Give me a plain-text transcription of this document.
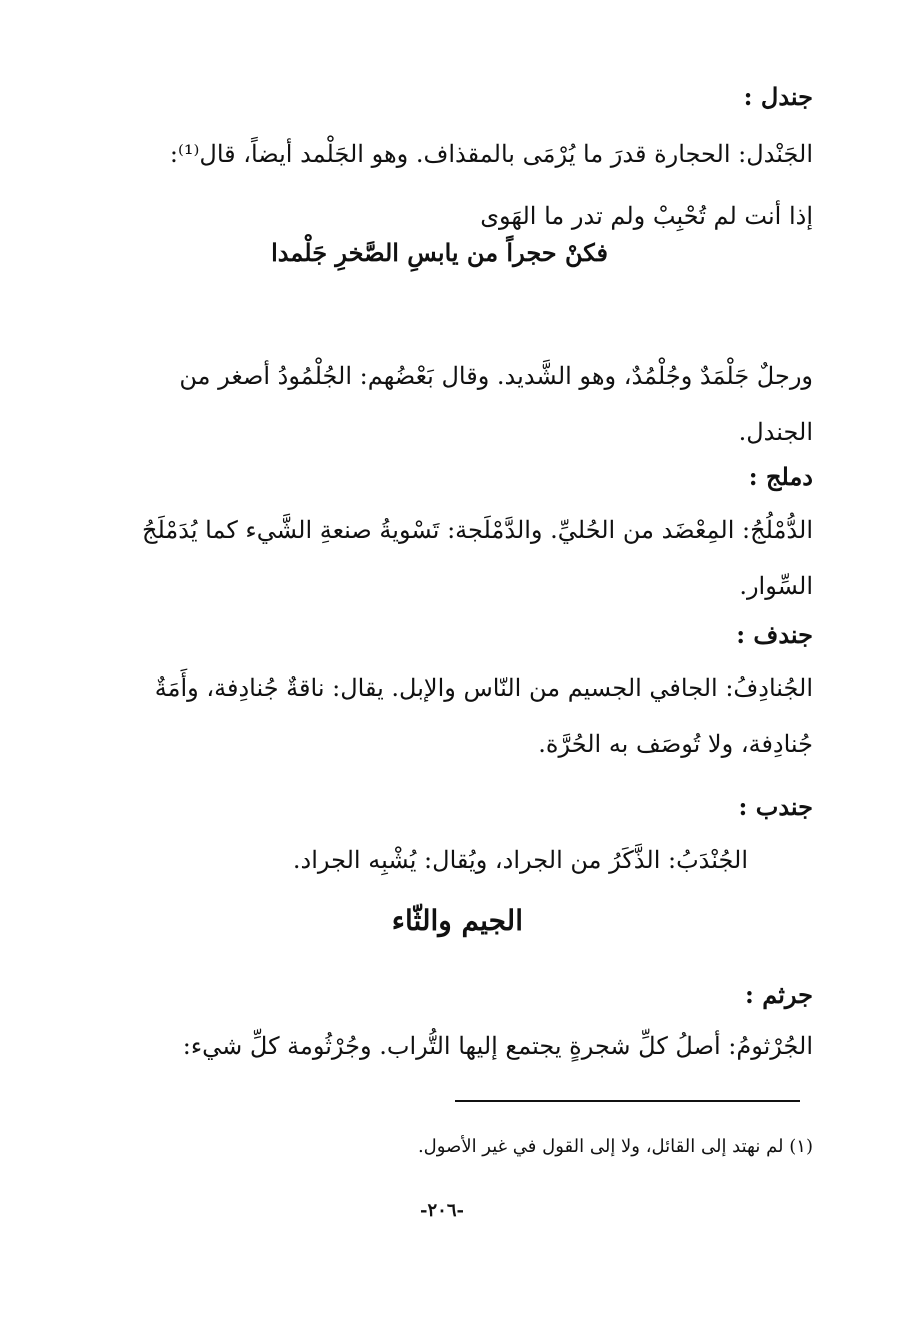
جندل :
الجَنْدل: الحجارة قدرَ ما يُرْمَى بالمقذاف. وهو الجَلْمد أيضاً، قال⁽¹⁾:
إذا أنت لم تُحْبِبْ ولم تدر ما الهَوى
فكنْ حجراً من يابسِ الصَّخرِ جَلْمدا
ورجلٌ جَلْمَدٌ وجُلْمُدٌ، وهو الشَّديد. وقال بَعْضُهم: الجُلْمُودُ أصغر من
الجندل.
دملج :
الدُّمْلُجُ: المِعْضَد من الحُليِّ. والدَّمْلَجة: تَسْويةُ صنعةِ الشَّيء كما يُدَمْلَجُ
السِّوار.
جندف :
الجُنادِفُ: الجافي الجسيم من النّاس والإبل. يقال: ناقةٌ جُنادِفة، وأَمَةٌ
جُنادِفة، ولا تُوصَف به الحُرَّة.
جندب :
الجُنْدَبُ: الذَّكَرُ من الجراد، ويُقال: يُشْبِه الجراد.
الجيم والثّاء
جرثم :
الجُرْثومُ: أصلُ كلِّ شجرةٍ يجتمع إليها التُّراب. وجُرْثُومة كلِّ شيء:
(١) لم نهتد إلى القائل، ولا إلى القول في غير الأصول.
-٢٠٦-
